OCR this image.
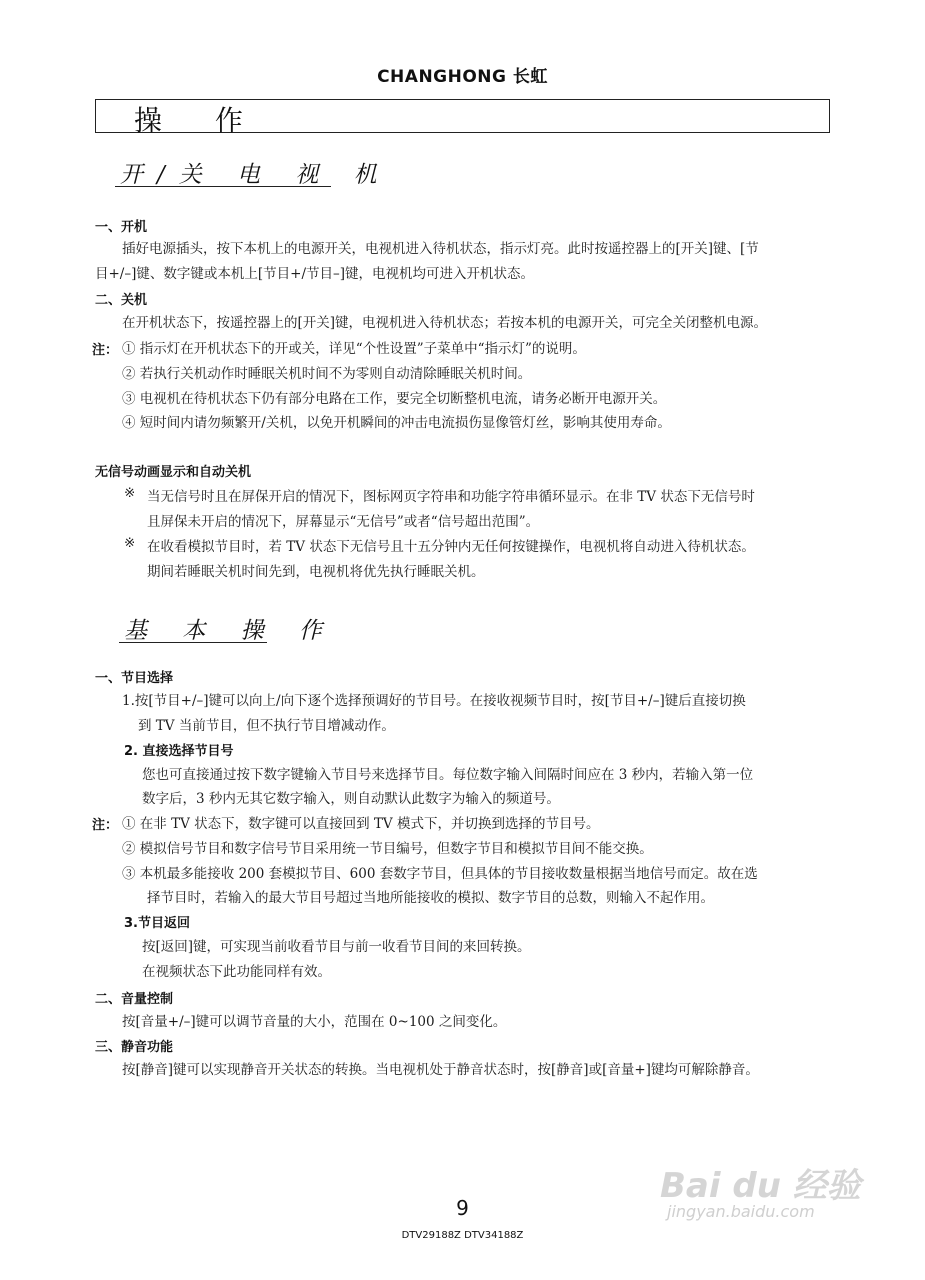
CHANGHONG 长虹
操 作
开/关 电 视 机
一、开机
插好电源插头，按下本机上的电源开关，电视机进入待机状态，指示灯亮。此时按遥控器上的[开关]键、[节
目+/–]键、数字键或本机上[节目+/节目–]键，电视机均可进入开机状态。
二、关机
在开机状态下，按遥控器上的[开关]键，电视机进入待机状态；若按本机的电源开关，可完全关闭整机电源。
注： ① 指示灯在开机状态下的开或关，详见“个性设置”子菜单中“指示灯”的说明。
② 若执行关机动作时睡眠关机时间不为零则自动清除睡眠关机时间。
③ 电视机在待机状态下仍有部分电路在工作，要完全切断整机电流，请务必断开电源开关。
④ 短时间内请勿频繁开/关机，以免开机瞬间的冲击电流损伤显像管灯丝，影响其使用寿命。
无信号动画显示和自动关机
※ 当无信号时且在屏保开启的情况下，图标网页字符串和功能字符串循环显示。在非 TV 状态下无信号时
且屏保未开启的情况下，屏幕显示“无信号”或者“信号超出范围”。
※ 在收看模拟节目时，若 TV 状态下无信号且十五分钟内无任何按键操作，电视机将自动进入待机状态。
期间若睡眠关机时间先到，电视机将优先执行睡眠关机。
基 本 操 作
一、节目选择
1.按[节目+/–]键可以向上/向下逐个选择预调好的节目号。在接收视频节目时，按[节目+/–]键后直接切换
到 TV 当前节目，但不执行节目增减动作。
2. 直接选择节目号
您也可直接通过按下数字键输入节目号来选择节目。每位数字输入间隔时间应在 3 秒内，若输入第一位
数字后，3 秒内无其它数字输入，则自动默认此数字为输入的频道号。
注： ① 在非 TV 状态下，数字键可以直接回到 TV 模式下，并切换到选择的节目号。
② 模拟信号节目和数字信号节目采用统一节目编号，但数字节目和模拟节目间不能交换。
③ 本机最多能接收 200 套模拟节目、600 套数字节目，但具体的节目接收数量根据当地信号而定。故在选
择节目时，若输入的最大节目号超过当地所能接收的模拟、数字节目的总数，则输入不起作用。
3.节目返回
按[返回]键，可实现当前收看节目与前一收看节目间的来回转换。
在视频状态下此功能同样有效。
二、音量控制
按[音量+/–]键可以调节音量的大小，范围在 0~100 之间变化。
三、静音功能
按[静音]键可以实现静音开关状态的转换。当电视机处于静音状态时，按[静音]或[音量+]键均可解除静音。
9
DTV29188Z DTV34188Z
Bai du 经验
jingyan.baidu.com
